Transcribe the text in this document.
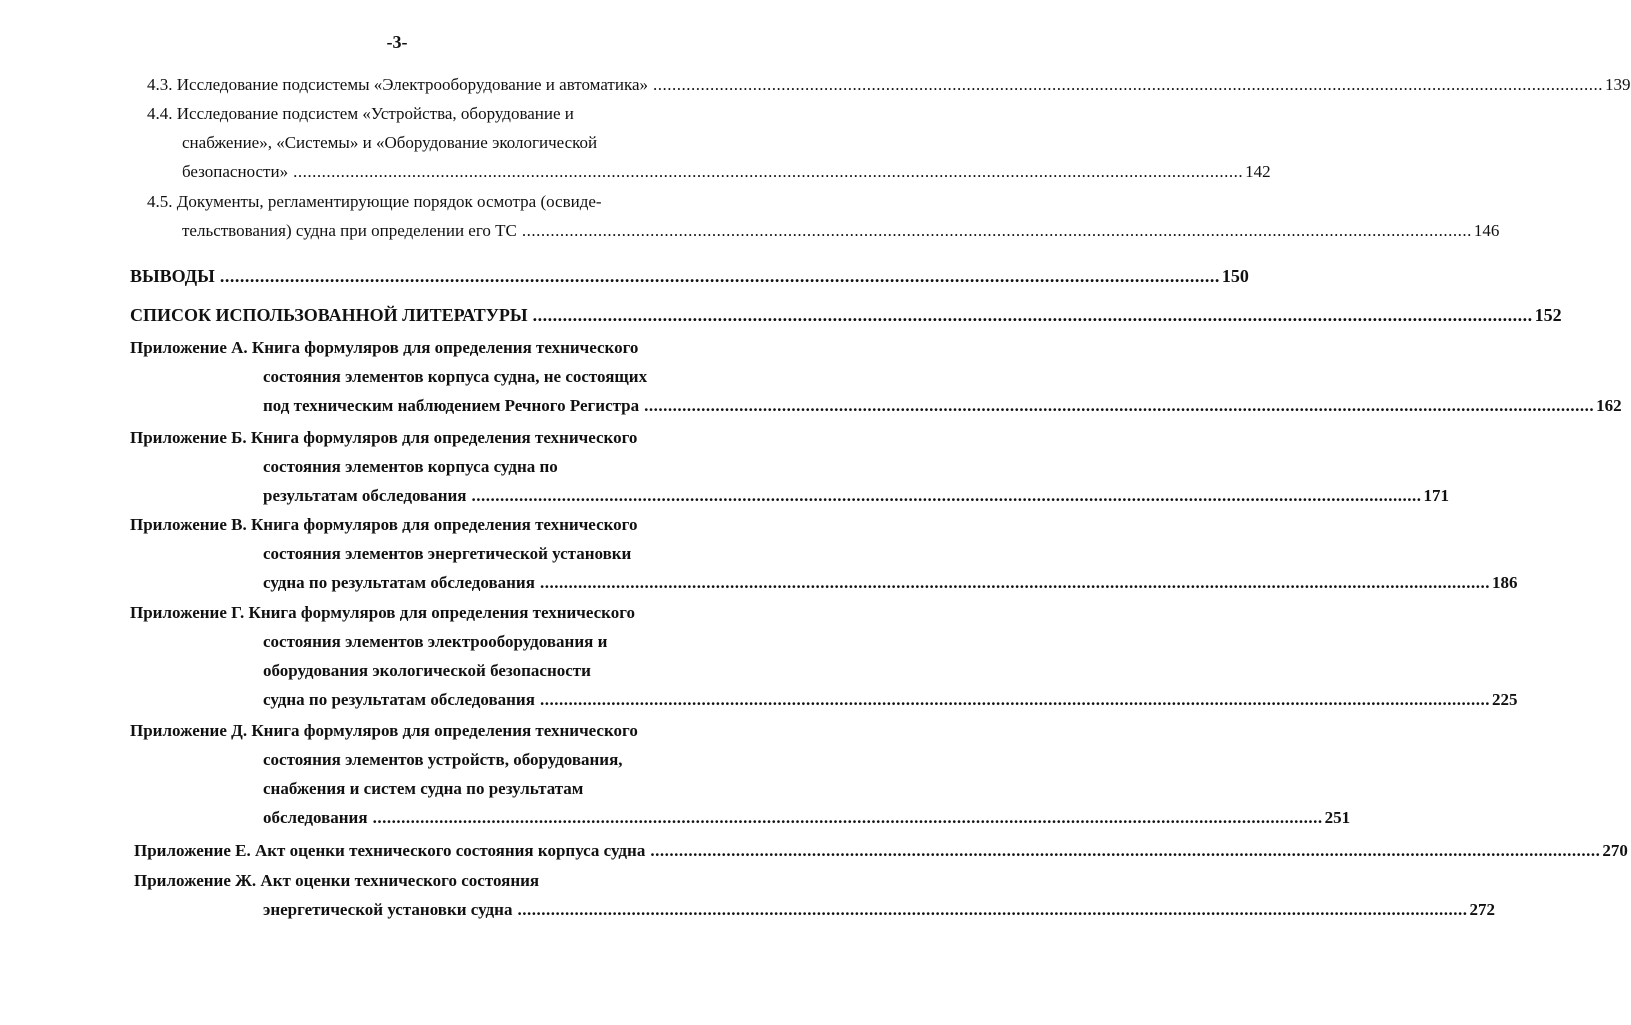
-3-
4.3. Исследование подсистемы «Электрооборудование и автоматика» ........................................................................................................................................................................................................ 139
4.4. Исследование подсистем «Устройства, оборудование и
снабжение», «Системы» и «Оборудование экологической
безопасности» ........................................................................................................................................................................................................ 142
4.5. Документы, регламентирующие порядок осмотра (освиде-
тельствования) судна при определении его ТС ........................................................................................................................................................................................................ 146
ВЫВОДЫ ........................................................................................................................................................................................................ 150
СПИСОК ИСПОЛЬЗОВАННОЙ ЛИТЕРАТУРЫ ........................................................................................................................................................................................................ 152
Приложение А. Книга формуляров для определения технического
состояния элементов корпуса судна, не состоящих
под техническим наблюдением Речного Регистра ........................................................................................................................................................................................................ 162
Приложение Б. Книга формуляров для определения технического
состояния элементов корпуса судна по
результатам обследования ........................................................................................................................................................................................................ 171
Приложение В. Книга формуляров для определения технического
состояния элементов энергетической установки
судна по результатам обследования ........................................................................................................................................................................................................ 186
Приложение Г. Книга формуляров для определения технического
состояния элементов электрооборудования и
оборудования экологической безопасности
судна по результатам обследования ........................................................................................................................................................................................................ 225
Приложение Д. Книга формуляров для определения технического
состояния элементов устройств, оборудования,
снабжения и систем судна по результатам
обследования ........................................................................................................................................................................................................ 251
Приложение Е. Акт оценки технического состояния корпуса судна ........................................................................................................................................................................................................ 270
Приложение Ж. Акт оценки технического состояния
энергетической установки судна ........................................................................................................................................................................................................ 272
